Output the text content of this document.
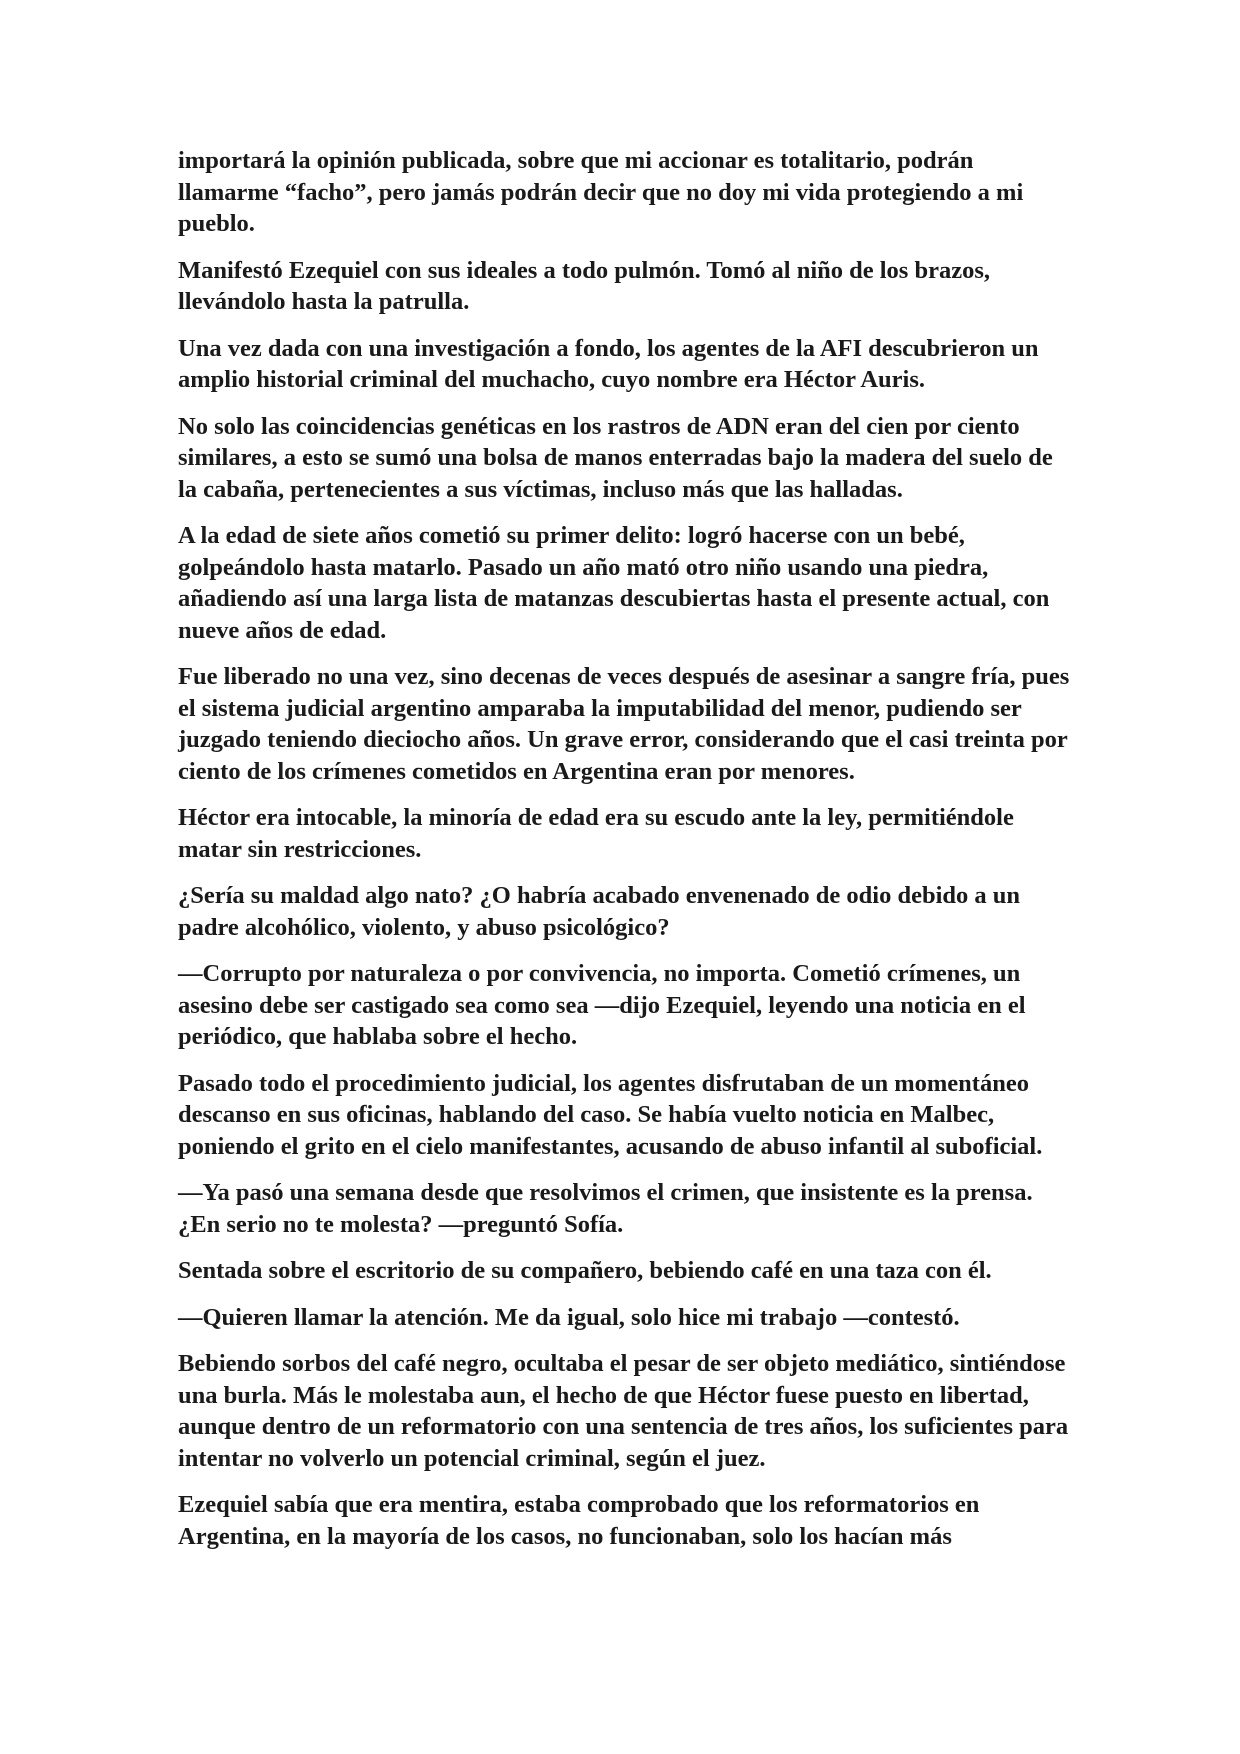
importará la opinión publicada, sobre que mi accionar es totalitario, podrán llamarme “facho”, pero jamás podrán decir que no doy mi vida protegiendo a mi pueblo.

Manifestó Ezequiel con sus ideales a todo pulmón. Tomó al niño de los brazos, llevándolo hasta la patrulla.

Una vez dada con una investigación a fondo, los agentes de la AFI descubrieron un amplio historial criminal del muchacho, cuyo nombre era Héctor Auris.

No solo las coincidencias genéticas en los rastros de ADN eran del cien por ciento similares, a esto se sumó una bolsa de manos enterradas bajo la madera del suelo de la cabaña, pertenecientes a sus víctimas, incluso más que las halladas.

A la edad de siete años cometió su primer delito: logró hacerse con un bebé, golpeándolo hasta matarlo. Pasado un año mató otro niño usando una piedra, añadiendo así una larga lista de matanzas descubiertas hasta el presente actual, con nueve años de edad.

Fue liberado no una vez, sino decenas de veces después de asesinar a sangre fría, pues el sistema judicial argentino amparaba la imputabilidad del menor, pudiendo ser juzgado teniendo dieciocho años. Un grave error, considerando que el casi treinta por ciento de los crímenes cometidos en Argentina eran por menores.

Héctor era intocable, la minoría de edad era su escudo ante la ley, permitiéndole matar sin restricciones.

¿Sería su maldad algo nato? ¿O habría acabado envenenado de odio debido a un padre alcohólico, violento, y abuso psicológico?

—Corrupto por naturaleza o por convivencia, no importa. Cometió crímenes, un asesino debe ser castigado sea como sea —dijo Ezequiel, leyendo una noticia en el periódico, que hablaba sobre el hecho.

Pasado todo el procedimiento judicial, los agentes disfrutaban de un momentáneo descanso en sus oficinas, hablando del caso. Se había vuelto noticia en Malbec, poniendo el grito en el cielo manifestantes, acusando de abuso infantil al suboficial.

—Ya pasó una semana desde que resolvimos el crimen, que insistente es la prensa. ¿En serio no te molesta? —preguntó Sofía.

Sentada sobre el escritorio de su compañero, bebiendo café en una taza con él.

—Quieren llamar la atención. Me da igual, solo hice mi trabajo —contestó.

Bebiendo sorbos del café negro, ocultaba el pesar de ser objeto mediático, sintiéndose una burla. Más le molestaba aun, el hecho de que Héctor fuese puesto en libertad, aunque dentro de un reformatorio con una sentencia de tres años, los suficientes para intentar no volverlo un potencial criminal, según el juez.

Ezequiel sabía que era mentira, estaba comprobado que los reformatorios en Argentina, en la mayoría de los casos, no funcionaban, solo los hacían más
